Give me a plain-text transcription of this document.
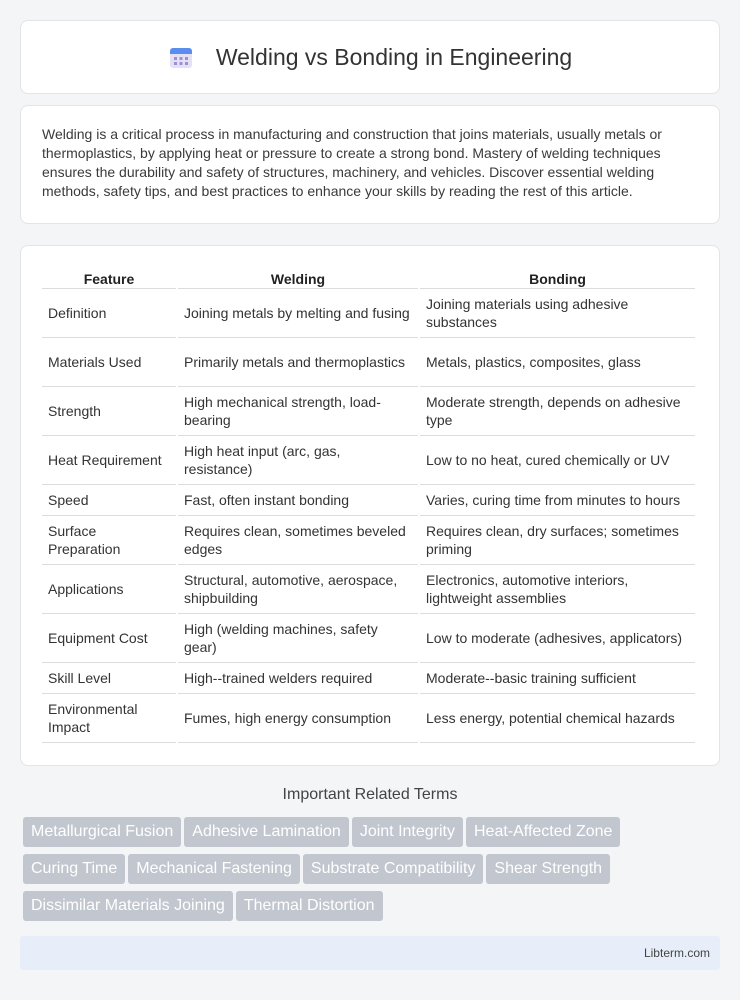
Welding vs Bonding in Engineering

Welding is a critical process in manufacturing and construction that joins materials, usually metals or thermoplastics, by applying heat or pressure to create a strong bond. Mastery of welding techniques ensures the durability and safety of structures, machinery, and vehicles. Discover essential welding methods, safety tips, and best practices to enhance your skills by reading the rest of this article.

Feature	Welding	Bonding
Definition	Joining metals by melting and fusing	Joining materials using adhesive substances
Materials Used	Primarily metals and thermoplastics	Metals, plastics, composites, glass
Strength	High mechanical strength, load-bearing	Moderate strength, depends on adhesive type
Heat Requirement	High heat input (arc, gas, resistance)	Low to no heat, cured chemically or UV
Speed	Fast, often instant bonding	Varies, curing time from minutes to hours
Surface Preparation	Requires clean, sometimes beveled edges	Requires clean, dry surfaces; sometimes priming
Applications	Structural, automotive, aerospace, shipbuilding	Electronics, automotive interiors, lightweight assemblies
Equipment Cost	High (welding machines, safety gear)	Low to moderate (adhesives, applicators)
Skill Level	High--trained welders required	Moderate--basic training sufficient
Environmental Impact	Fumes, high energy consumption	Less energy, potential chemical hazards
Important Related Terms
Metallurgical Fusion Adhesive Lamination Joint Integrity Heat-Affected ZoneCuring Time Mechanical Fastening Substrate Compatibility Shear StrengthDissimilar Materials Joining Thermal Distortion
Libterm.com
